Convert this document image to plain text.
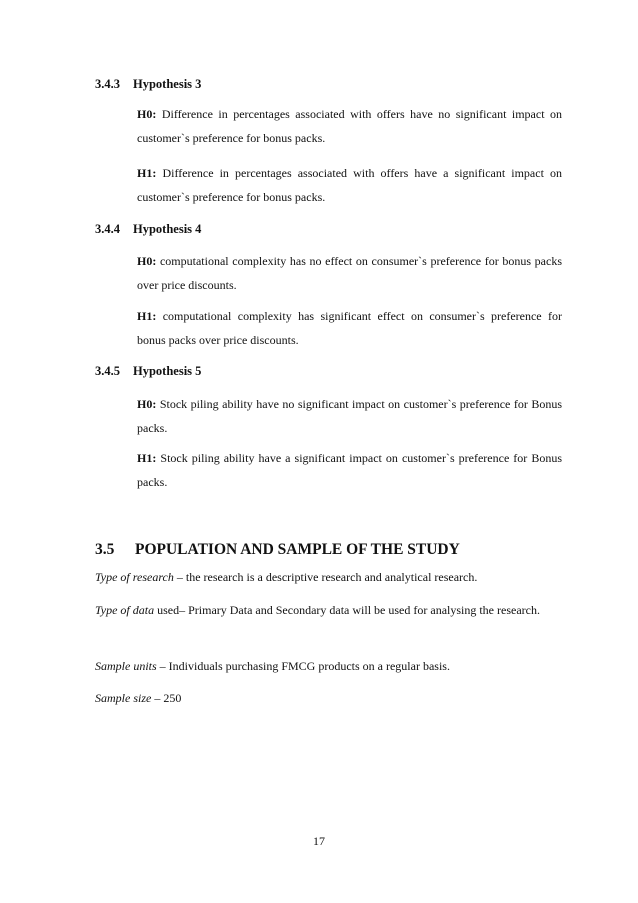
3.4.3 Hypothesis 3
H0: Difference in percentages associated with offers have no significant impact on customer`s preference for bonus packs.
H1: Difference in percentages associated with offers have a significant impact on customer`s preference for bonus packs.
3.4.4 Hypothesis 4
H0: computational complexity has no effect on consumer`s preference for bonus packs over price discounts.
H1: computational complexity has significant effect on consumer`s preference for bonus packs over price discounts.
3.4.5 Hypothesis 5
H0: Stock piling ability have no significant impact on customer`s preference for Bonus packs.
H1: Stock piling ability have a significant impact on customer`s preference for Bonus packs.
3.5 POPULATION AND SAMPLE OF THE STUDY
Type of research – the research is a descriptive research and analytical research.
Type of data used– Primary Data and Secondary data will be used for analysing the research.
Sample units – Individuals purchasing FMCG products on a regular basis.
Sample size – 250
17
